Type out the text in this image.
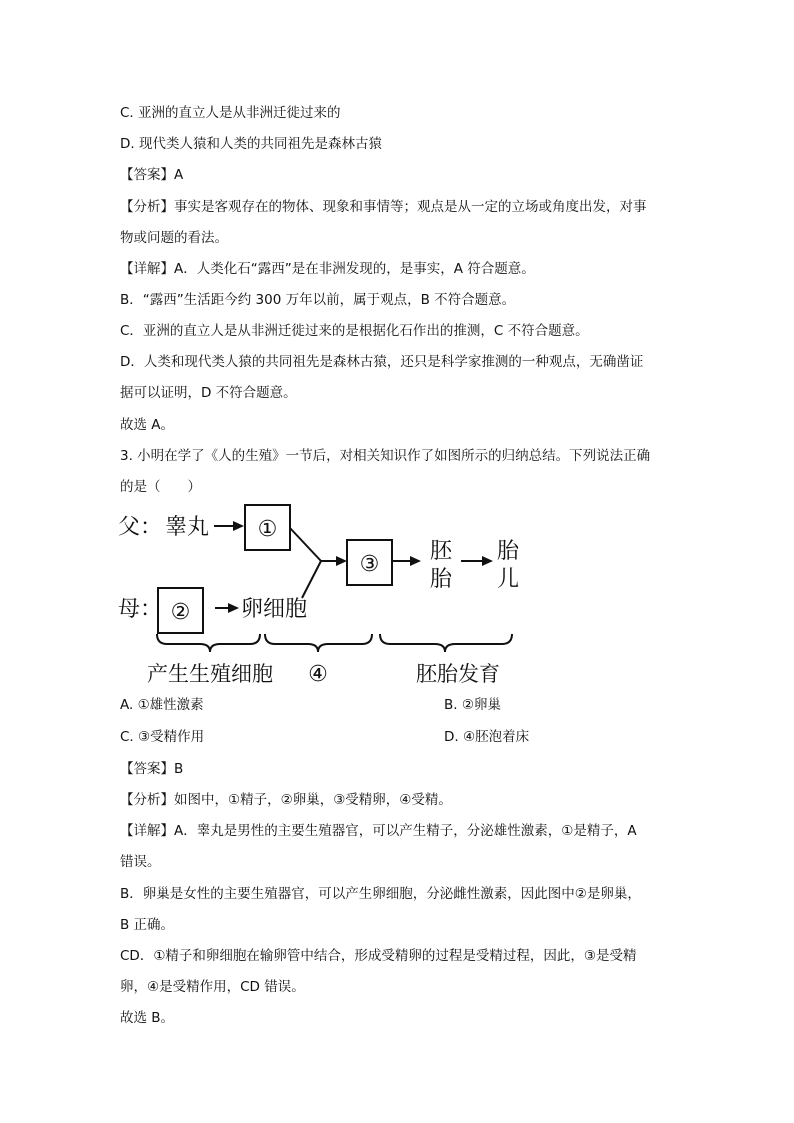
C. 亚洲的直立人是从非洲迁徙过来的
D. 现代类人猿和人类的共同祖先是森林古猿
【答案】A
【分析】事实是客观存在的物体、现象和事情等；观点是从一定的立场或角度出发，对事
物或问题的看法。
【详解】A．人类化石“露西”是在非洲发现的，是事实，A 符合题意。
B．“露西”生活距今约 300 万年以前，属于观点，B 不符合题意。
C．亚洲的直立人是从非洲迁徙过来的是根据化石作出的推测，C 不符合题意。
D．人类和现代类人猿的共同祖先是森林古猿，还只是科学家推测的一种观点，无确凿证
据可以证明，D 不符合题意。
故选 A。
3. 小明在学了《人的生殖》一节后，对相关知识作了如图所示的归纳总结。下列说法正确
的是（　　）
父： 睾丸 ①
③
胚
胎
胎
儿
母： ② 卵细胞
产生生殖细胞 ④	胚胎发育
A. ①雄性激素	B. ②卵巢
C. ③受精作用	D. ④胚泡着床
【答案】B
【分析】如图中，①精子，②卵巢，③受精卵，④受精。
【详解】A．睾丸是男性的主要生殖器官，可以产生精子，分泌雄性激素，①是精子，A
错误。
B．卵巢是女性的主要生殖器官，可以产生卵细胞，分泌雌性激素，因此图中②是卵巢，
B 正确。
CD．①精子和卵细胞在输卵管中结合，形成受精卵的过程是受精过程，因此，③是受精
卵，④是受精作用，CD 错误。
故选 B。
